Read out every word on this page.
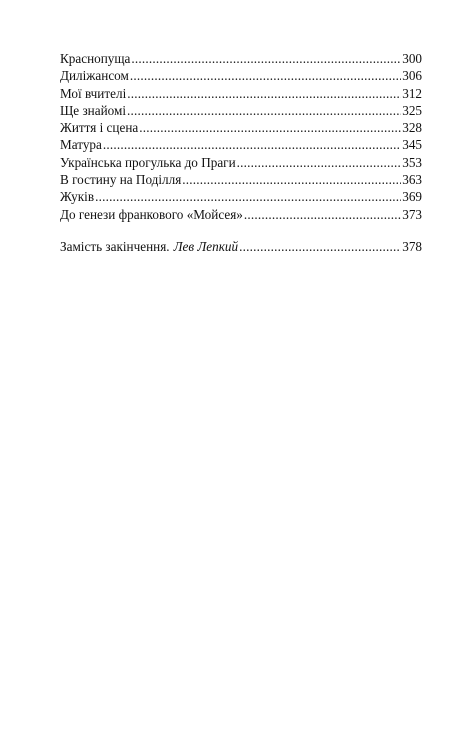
Краснопуща .....	300
Диліжансом .....	306
Мої вчителі .....	312
Ще знайомі .....	325
Життя і сцена .....	328
Матура .....	345
Українська прогулька до Праги .....	353
В гостину на Поділля .....	363
Жуків .....	369
До генези франкового «Мойсея» .....	373
Замість закінчення. Лев Лепкий .....	378
